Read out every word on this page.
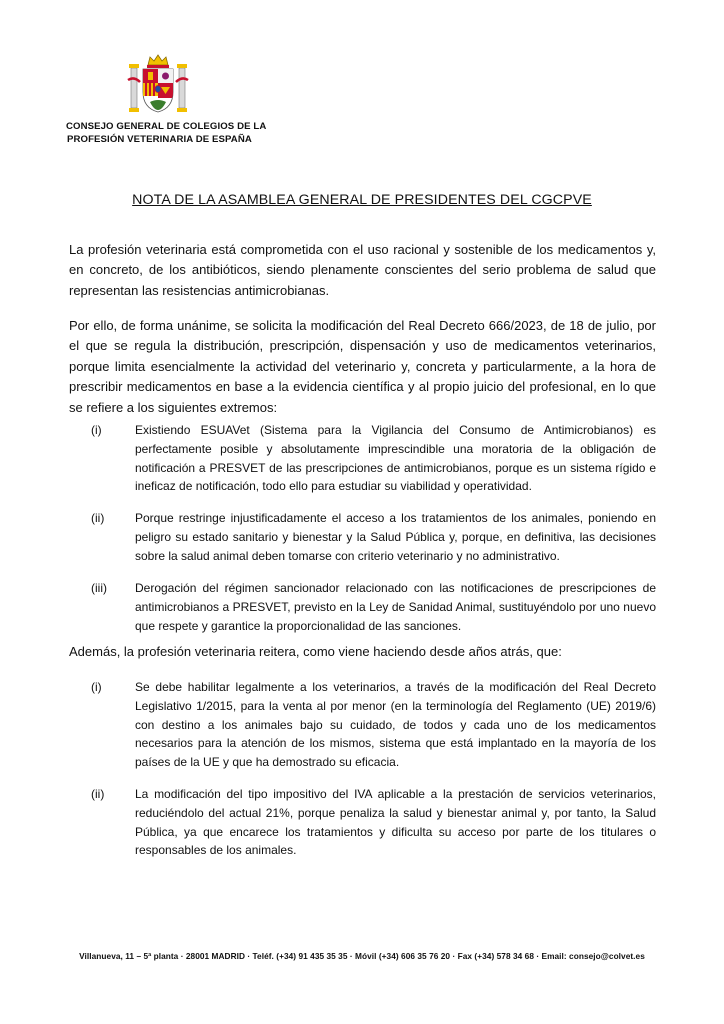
CONSEJO GENERAL DE COLEGIOS DE LA
PROFESIÓN VETERINARIA DE ESPAÑA
NOTA DE LA ASAMBLEA GENERAL DE PRESIDENTES DEL CGCPVE
La profesión veterinaria está comprometida con el uso racional y sostenible de los medicamentos y, en concreto, de los antibióticos, siendo plenamente conscientes del serio problema de salud que representan las resistencias antimicrobianas.
Por ello, de forma unánime, se solicita la modificación del Real Decreto 666/2023, de 18 de julio, por el que se regula la distribución, prescripción, dispensación y uso de medicamentos veterinarios, porque limita esencialmente la actividad del veterinario y, concreta y particularmente, a la hora de prescribir medicamentos en base a la evidencia científica y al propio juicio del profesional, en lo que se refiere a los siguientes extremos:
(i)	Existiendo ESUAVet (Sistema para la Vigilancia del Consumo de Antimicrobianos) es perfectamente posible y absolutamente imprescindible una moratoria de la obligación de notificación a PRESVET de las prescripciones de antimicrobianos, porque es un sistema rígido e ineficaz de notificación, todo ello para estudiar su viabilidad y operatividad.
(ii)	Porque restringe injustificadamente el acceso a los tratamientos de los animales, poniendo en peligro su estado sanitario y bienestar y la Salud Pública y, porque, en definitiva, las decisiones sobre la salud animal deben tomarse con criterio veterinario y no administrativo.
(iii) Derogación del régimen sancionador relacionado con las notificaciones de prescripciones de antimicrobianos a PRESVET, previsto en la Ley de Sanidad Animal, sustituyéndolo por uno nuevo que respete y garantice la proporcionalidad de las sanciones.
Además, la profesión veterinaria reitera, como viene haciendo desde años atrás, que:
(i)	Se debe habilitar legalmente a los veterinarios, a través de la modificación del Real Decreto Legislativo 1/2015, para la venta al por menor (en la terminología del Reglamento (UE) 2019/6) con destino a los animales bajo su cuidado, de todos y cada uno de los medicamentos necesarios para la atención de los mismos, sistema que está implantado en la mayoría de los países de la UE y que ha demostrado su eficacia.
(ii)	La modificación del tipo impositivo del IVA aplicable a la prestación de servicios veterinarios, reduciéndolo del actual 21%, porque penaliza la salud y bienestar animal y, por tanto, la Salud Pública, ya que encarece los tratamientos y dificulta su acceso por parte de los titulares o responsables de los animales.
Villanueva, 11 – 5ª planta · 28001 MADRID · Teléf. (+34) 91 435 35 35 · Móvil (+34) 606 35 76 20 · Fax (+34) 578 34 68 · Email: consejo@colvet.es
